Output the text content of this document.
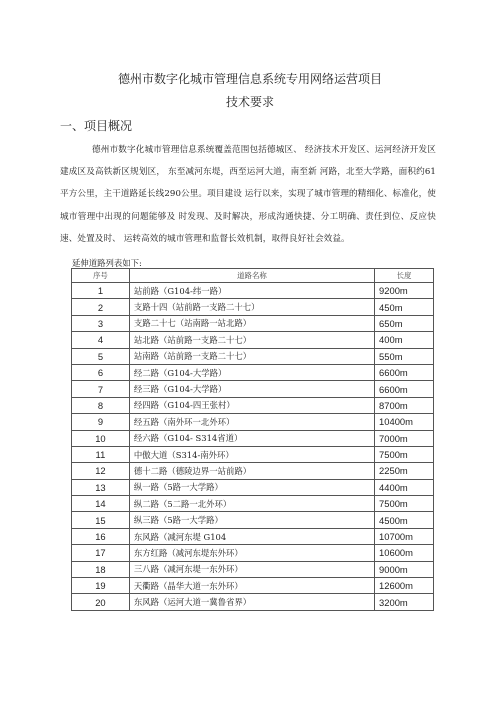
德州市数字化城市管理信息系统专用网络运营项目
技术要求
一、项目概况
德州市数字化城市管理信息系统覆盖范围包括德城区、 经济技术开发区、运河经济开发区建成区及高铁新区规划区， 东至减河东堤，西至运河大道，南至新 河路，北至大学路，面积约61平方公里，主干道路延长线290公里。项目建设 运行以来，实现了城市管理的精细化、标准化，使城市管理中出现的问题能够及 时发现、及时解决，形成沟通快捷、分工明确、责任到位、反应快速、处置及时、 运转高效的城市管理和监督长效机制，取得良好社会效益。
延伸道路列表如下:
序号	道路名称	长度
1	站前路（G104-纬一路）	9200m
2	支路十四（站前路一支路二十七）	450m
3	支路二十七（站南路一站北路）	650m
4	站北路（站前路一支路二十七）	400m
5	站南路（站前路一支路二十七）	550m
6	经二路（G104-大学路）	6600m
7	经三路（G104-大学路）	6600m
8	经四路（G104-四王张村）	8700m
9	经五路（南外环一北外环）	10400m
10	经六路（G104- S314省道）	7000m
11	中傲大道（S314-南外环）	7500m
12	德十二路（德陵边界一站前路）	2250m
13	纵一路（5路一大学路）	4400m
14	纵二路（5二路一北外环）	7500m
15	纵三路（5路一大学路）	4500m
16	东风路（减河东堤 G104	10700m
17	东方红路（减河东堤东外环）	10600m
18	三八路（减河东堤一东外环）	9000m
19	天衢路（晶华大道一东外环）	12600m
20	东风路（运河大道一冀鲁省界）	3200m
